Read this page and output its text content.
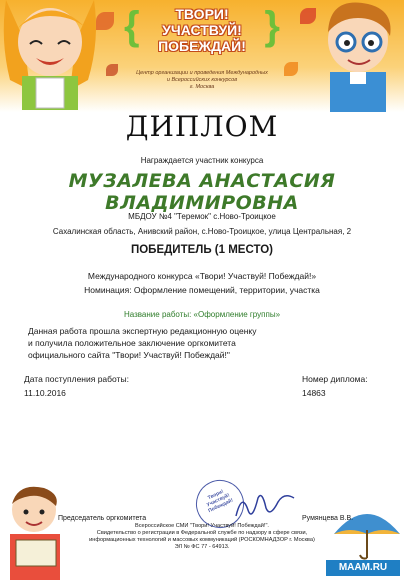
{	}
ТВОРИ!
УЧАСТВУЙ!
ПОБЕЖДАЙ!
Центр организации и проведения Международных
и Всероссийских конкурсов
г. Москва
ДИПЛОМ
Награждается участник конкурса
МУЗАЛЕВА АНАСТАСИЯ ВЛАДИМИРОВНА
МБДОУ №4 "Теремок" с.Ново-Троицкое
Сахалинская область, Анивский район, с.Ново-Троицкое, улица Центральная, 2
ПОБЕДИТЕЛЬ (1 МЕСТО)
Международного конкурса «Твори! Участвуй! Побеждай!»
Номинация: Оформление помещений, территории, участка
Название работы: «Оформление группы»
Данная работа прошла экспертную редакционную оценку
и получила положительное заключение оргкомитета
официального сайта "Твори! Участвуй! Побеждай!"
Дата поступления работы:
11.10.2016
Номер диплома:
14863
Председатель оргкомитета	Румянцева В.В.
Твори! Участвуй! Побеждай!
Всероссийское СМИ "Твори! Участвуй! Побеждай!".
Свидетельство о регистрации в Федеральной службе по надзору в сфере связи,
информационных технологий и массовых коммуникаций (РОСКОМНАДЗОР г. Москва)
ЭЛ № ФС 77 - 64913.
MAAM.RU
